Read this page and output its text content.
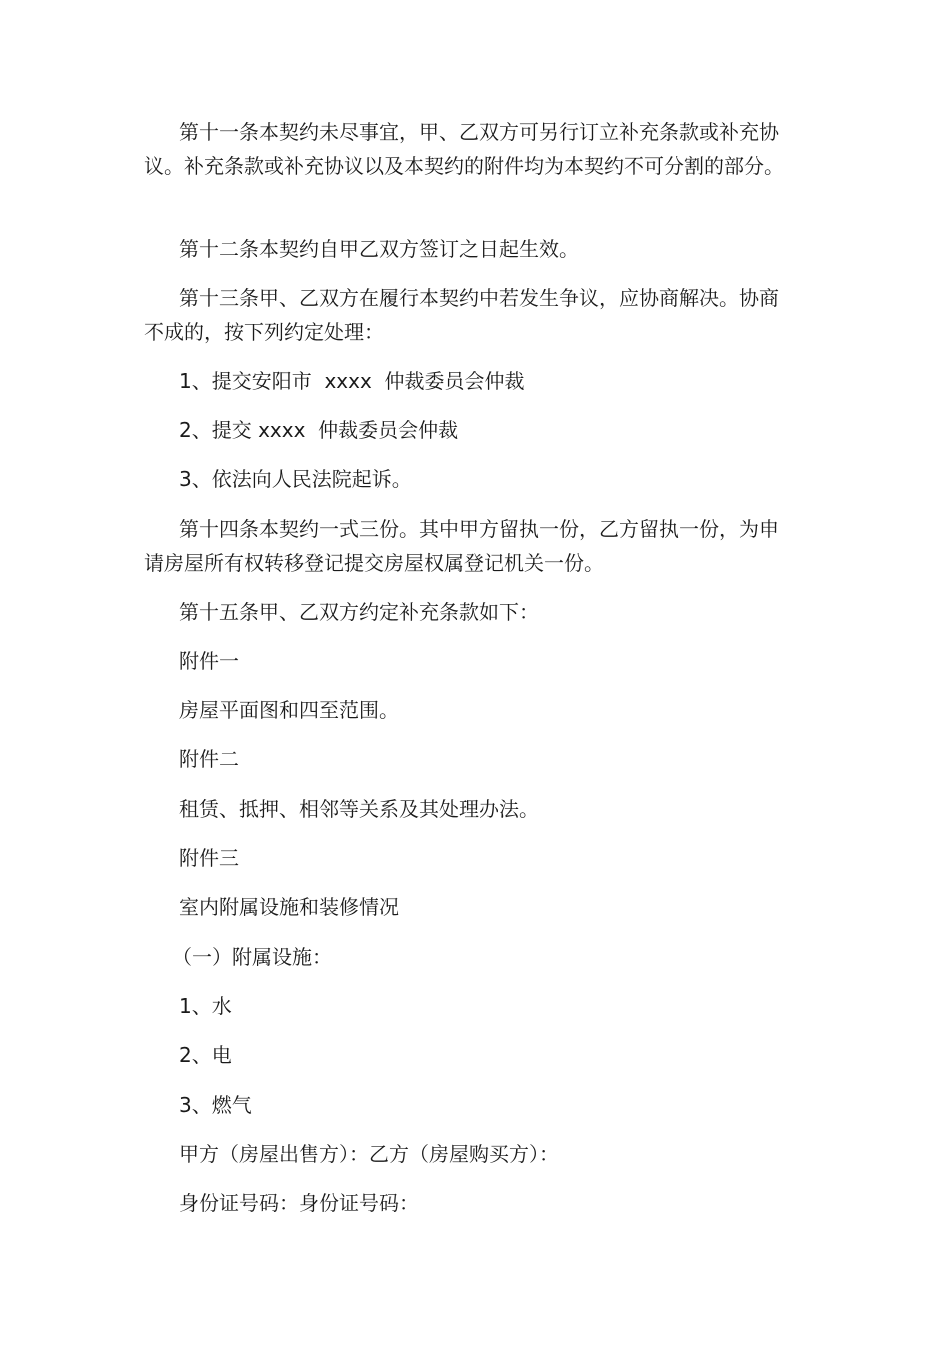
第十一条本契约未尽事宜，甲、乙双方可另行订立补充条款或补充协议。补充条款或补充协议以及本契约的附件均为本契约不可分割的部分。

第十二条本契约自甲乙双方签订之日起生效。

第十三条甲、乙双方在履行本契约中若发生争议，应协商解决。协商不成的，按下列约定处理：

1、提交安阳市  xxxx  仲裁委员会仲裁

2、提交 xxxx  仲裁委员会仲裁

3、依法向人民法院起诉。

第十四条本契约一式三份。其中甲方留执一份，乙方留执一份，为申请房屋所有权转移登记提交房屋权属登记机关一份。

第十五条甲、乙双方约定补充条款如下：

附件一

房屋平面图和四至范围。

附件二

租赁、抵押、相邻等关系及其处理办法。

附件三

室内附属设施和装修情况

（一）附属设施：

1、水

2、电

3、燃气

甲方（房屋出售方）：乙方（房屋购买方）：

身份证号码：身份证号码：
